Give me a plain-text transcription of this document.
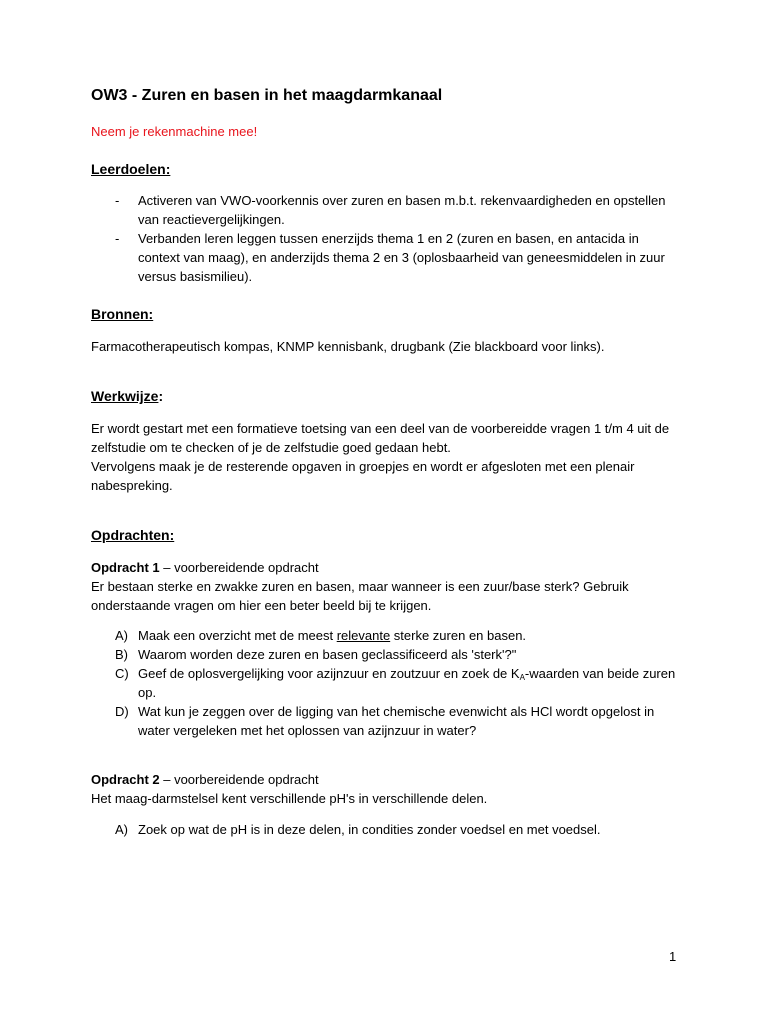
OW3 - Zuren en basen in het maagdarmkanaal
Neem je rekenmachine mee!
Leerdoelen:
- Activeren van VWO-voorkennis over zuren en basen m.b.t. rekenvaardigheden en opstellen van reactievergelijkingen.
- Verbanden leren leggen tussen enerzijds thema 1 en 2 (zuren en basen, en antacida in context van maag), en anderzijds thema 2 en 3 (oplosbaarheid van geneesmiddelen in zuur versus basismilieu).
Bronnen:
Farmacotherapeutisch kompas, KNMP kennisbank, drugbank (Zie blackboard voor links).
Werkwijze:
Er wordt gestart met een formatieve toetsing van een deel van de voorbereidde vragen 1 t/m 4 uit de zelfstudie om te checken of je de zelfstudie goed gedaan hebt.
Vervolgens maak je de resterende opgaven in groepjes en wordt er afgesloten met een plenair nabespreking.
Opdrachten:
Opdracht 1 – voorbereidende opdracht
Er bestaan sterke en zwakke zuren en basen, maar wanneer is een zuur/base sterk? Gebruik onderstaande vragen om hier een beter beeld bij te krijgen.
A) Maak een overzicht met de meest relevante sterke zuren en basen.
B) Waarom worden deze zuren en basen geclassificeerd als 'sterk'?"
C) Geef de oplosvergelijking voor azijnzuur en zoutzuur en zoek de $K_A$-waarden van beide zuren op.
D) Wat kun je zeggen over de ligging van het chemische evenwicht als HCl wordt opgelost in water vergeleken met het oplossen van azijnzuur in water?
Opdracht 2 – voorbereidende opdracht
Het maag-darmstelsel kent verschillende pH's in verschillende delen.
A) Zoek op wat de pH is in deze delen, in condities zonder voedsel en met voedsel.
1
